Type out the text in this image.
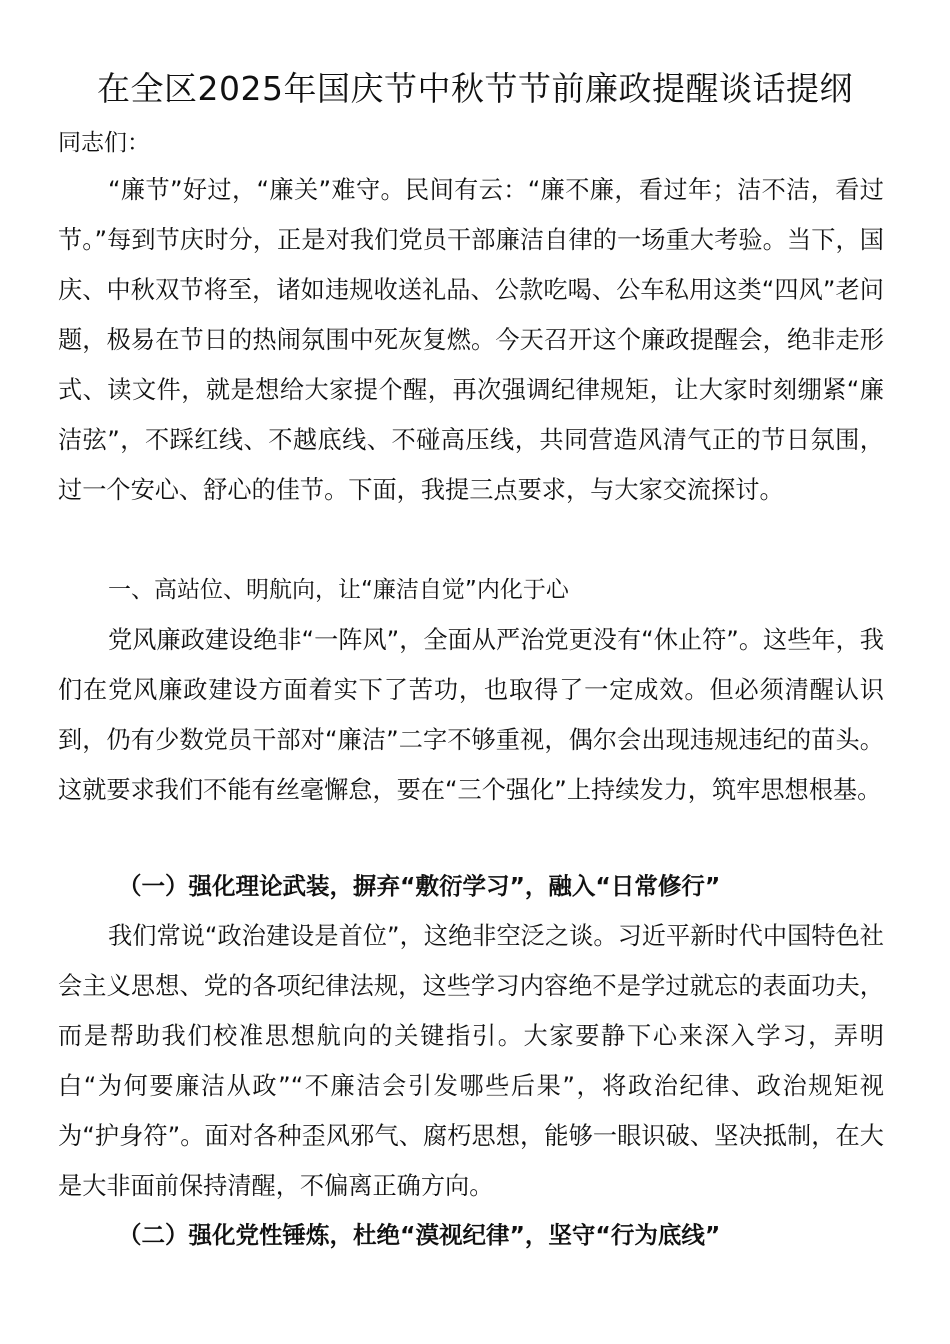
在全区2025年国庆节中秋节节前廉政提醒谈话提纲
同志们：

“廉节”好过，“廉关”难守。民间有云：“廉不廉，看过年；洁不洁，看过节。”每到节庆时分，正是对我们党员干部廉洁自律的一场重大考验。当下，国庆、中秋双节将至，诸如违规收送礼品、公款吃喝、公车私用这类“四风”老问题，极易在节日的热闹氛围中死灰复燃。今天召开这个廉政提醒会，绝非走形式、读文件，就是想给大家提个醒，再次强调纪律规矩，让大家时刻绷紧“廉洁弦”，不踩红线、不越底线、不碰高压线，共同营造风清气正的节日氛围，过一个安心、舒心的佳节。下面，我提三点要求，与大家交流探讨。

一、高站位、明航向，让“廉洁自觉”内化于心

党风廉政建设绝非“一阵风”，全面从严治党更没有“休止符”。这些年，我们在党风廉政建设方面着实下了苦功，也取得了一定成效。但必须清醒认识到，仍有少数党员干部对“廉洁”二字不够重视，偶尔会出现违规违纪的苗头。这就要求我们不能有丝毫懈怠，要在“三个强化”上持续发力，筑牢思想根基。

（一）强化理论武装，摒弃“敷衍学习”，融入“日常修行”

我们常说“政治建设是首位”，这绝非空泛之谈。习近平新时代中国特色社会主义思想、党的各项纪律法规，这些学习内容绝不是学过就忘的表面功夫，而是帮助我们校准思想航向的关键指引。大家要静下心来深入学习，弄明白“为何要廉洁从政”“不廉洁会引发哪些后果”，将政治纪律、政治规矩视为“护身符”。面对各种歪风邪气、腐朽思想，能够一眼识破、坚决抵制，在大是大非面前保持清醒，不偏离正确方向。

（二）强化党性锤炼，杜绝“漠视纪律”，坚守“行为底线”
